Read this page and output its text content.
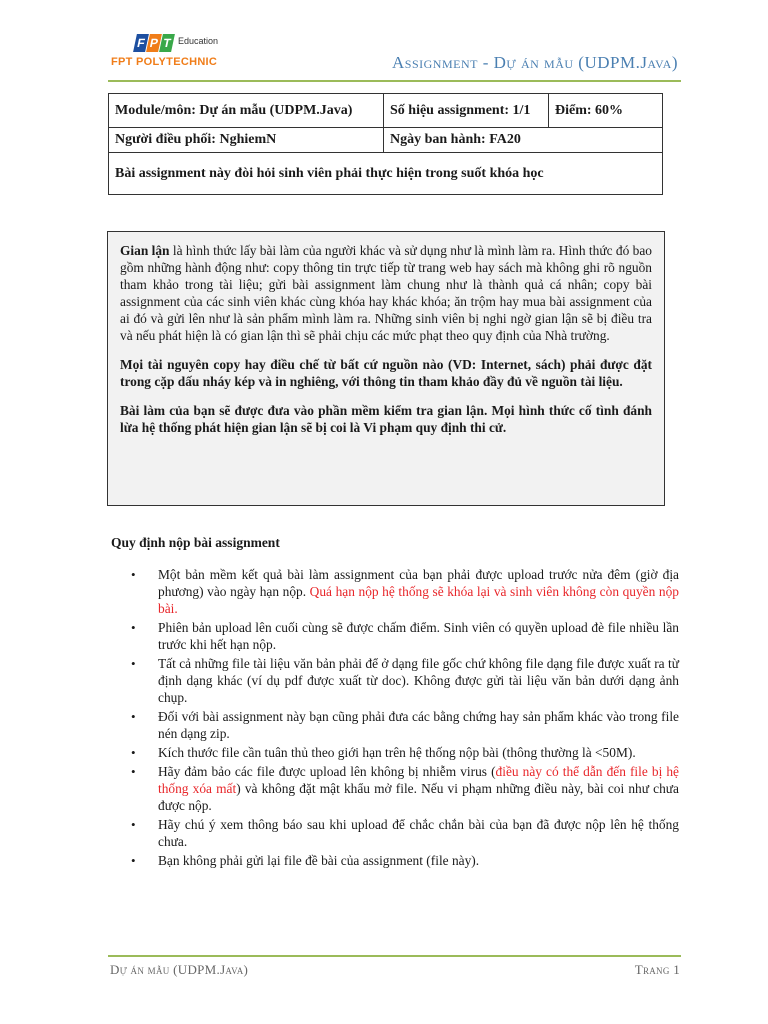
F P T Education
FPT POLYTECHNIC	Assignment - Dự án mẫu (UDPM.Java)
Module/môn: Dự án mẫu (UDPM.Java)	Số hiệu assignment: 1/1	Điểm: 60%
Người điều phối: NghiemN	Ngày ban hành: FA20	
Bài assignment này đòi hỏi sinh viên phải thực hiện trong suốt khóa học		

Gian lận là hình thức lấy bài làm của người khác và sử dụng như là mình làm ra. Hình thức đó bao gồm những hành động như: copy thông tin trực tiếp từ trang web hay sách mà không ghi rõ nguồn tham khảo trong tài liệu; gửi bài assignment làm chung như là thành quả cá nhân; copy bài assignment của các sinh viên khác cùng khóa hay khác khóa; ăn trộm hay mua bài assignment của ai đó và gửi lên như là sản phẩm mình làm ra. Những sinh viên bị nghi ngờ gian lận sẽ bị điều tra và nếu phát hiện là có gian lận thì sẽ phải chịu các mức phạt theo quy định của Nhà trường.

Mọi tài nguyên copy hay điều chế từ bất cứ nguồn nào (VD: Internet, sách) phải được đặt trong cặp dấu nháy kép và in nghiêng, với thông tin tham khảo đầy đủ về nguồn tài liệu.

Bài làm của bạn sẽ được đưa vào phần mềm kiểm tra gian lận. Mọi hình thức cố tình đánh lừa hệ thống phát hiện gian lận sẽ bị coi là Vi phạm quy định thi cử.

Quy định nộp bài assignment
• Một bản mềm kết quả bài làm assignment của bạn phải được upload trước nửa đêm (giờ địa phương) vào ngày hạn nộp. Quá hạn nộp hệ thống sẽ khóa lại và sinh viên không còn quyền nộp bài.
• Phiên bản upload lên cuối cùng sẽ được chấm điểm. Sinh viên có quyền upload đè file nhiều lần trước khi hết hạn nộp.
• Tất cả những file tài liệu văn bản phải để ở dạng file gốc chứ không file dạng file được xuất ra từ định dạng khác (ví dụ pdf được xuất từ doc). Không được gửi tài liệu văn bản dưới dạng ảnh chụp.
• Đối với bài assignment này bạn cũng phải đưa các bằng chứng hay sản phẩm khác vào trong file nén dạng zip.
• Kích thước file cần tuân thủ theo giới hạn trên hệ thống nộp bài (thông thường là <50M).
• Hãy đảm bảo các file được upload lên không bị nhiễm virus (điều này có thể dẫn đến file bị hệ thống xóa mất) và không đặt mật khẩu mở file. Nếu vi phạm những điều này, bài coi như chưa được nộp.
• Hãy chú ý xem thông báo sau khi upload để chắc chắn bài của bạn đã được nộp lên hệ thống chưa.
• Bạn không phải gửi lại file đề bài của assignment (file này).
Dự án mẫu (UDPM.Java)	Trang 1
